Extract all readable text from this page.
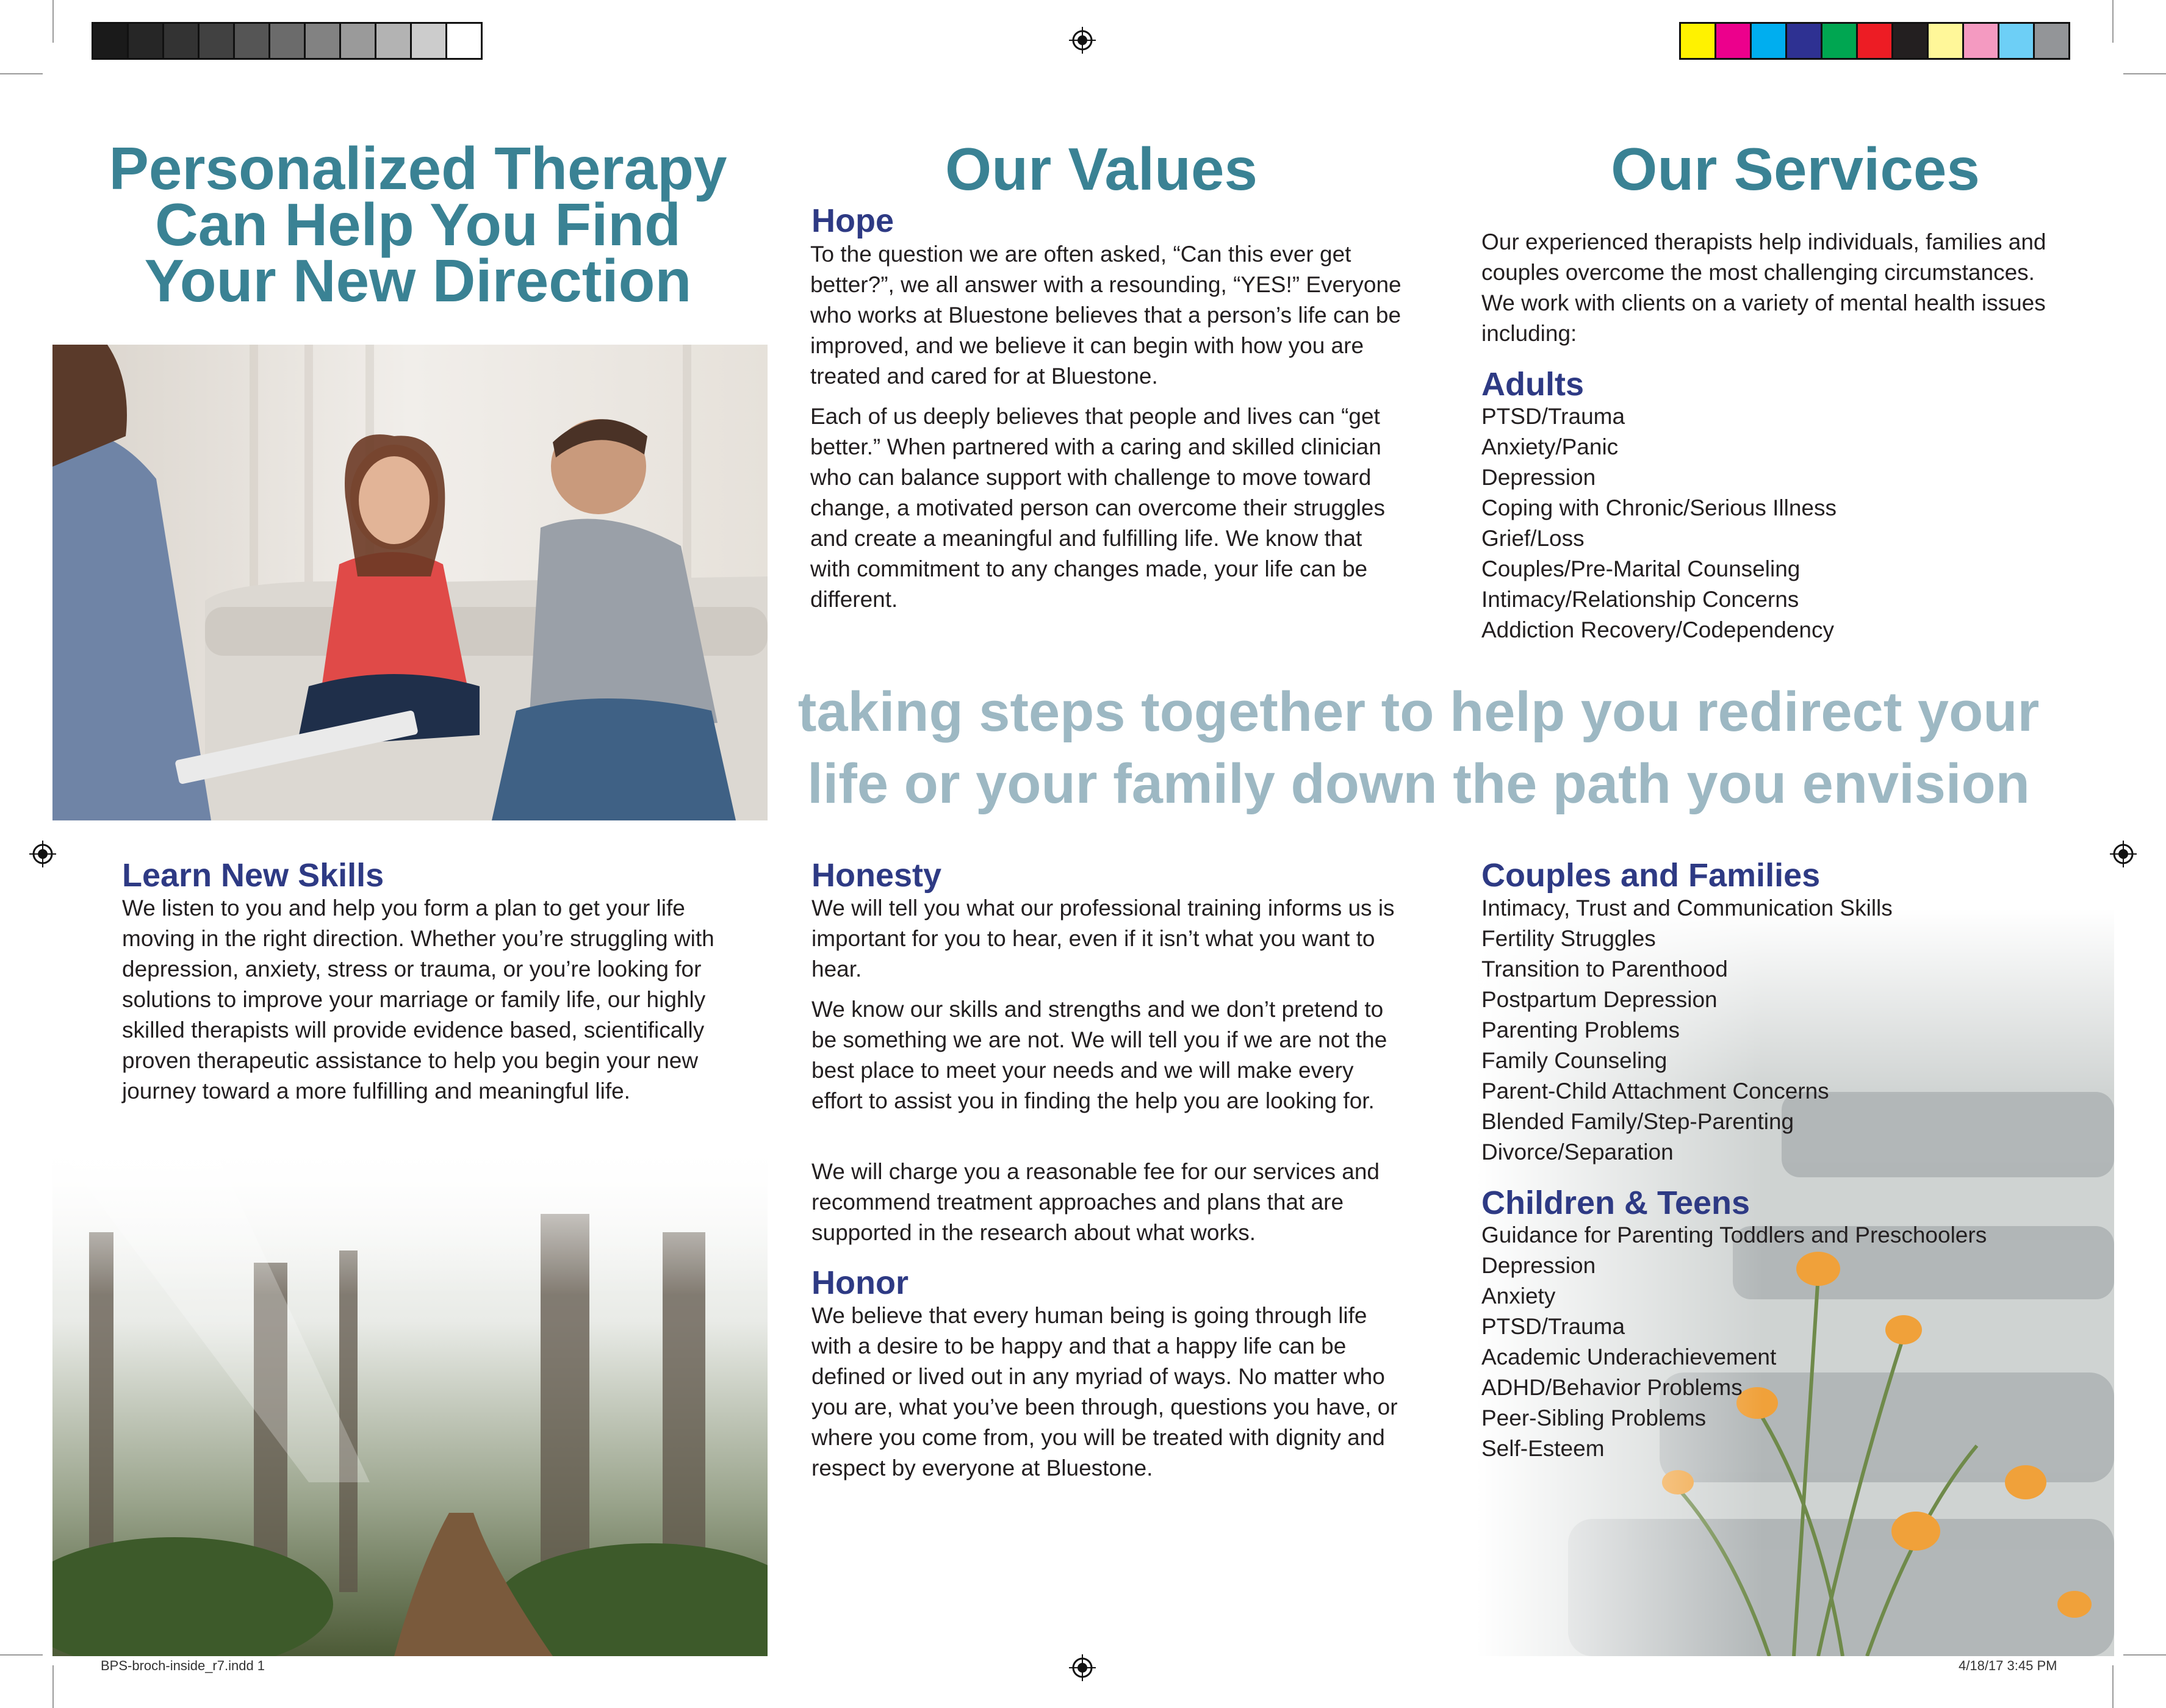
BPS-broch-inside_r7.indd 1	4/18/17 3:45 PM
Personalized Therapy
Can Help You Find
Your New Direction
Learn New Skills

We listen to you and help you form a plan to get your life moving in the right direction. Whether you’re struggling with depression, anxiety, stress or trauma, or you’re looking for solutions to improve your marriage or family life, our highly skilled therapists will provide evidence based, scientifically proven therapeutic assistance to help you begin your new journey toward a more fulfilling and meaningful life.

Our Values
Hope

To the question we are often asked, “Can this ever get better?”, we all answer with a resounding, “YES!” Everyone who works at Bluestone believes that a person’s life can be improved, and we believe it can begin with how you are treated and cared for at Bluestone.

Each of us deeply believes that people and lives can “get better.” When partnered with a caring and skilled clinician who can balance support with challenge to move toward change, a motivated person can overcome their struggles and create a meaningful and fulfilling life. We know that with commitment to any changes made, your life can be different.

taking steps together to help you redirect your
life or your family down the path you envision
Honesty

We will tell you what our professional training informs us is important for you to hear, even if it isn’t what you want to hear.

We know our skills and strengths and we don’t pretend to be something we are not. We will tell you if we are not the best place to meet your needs and we will make every effort to assist you in finding the help you are looking for.

We will charge you a reasonable fee for our services and recommend treatment approaches and plans that are supported in the research about what works.

Honor

We believe that every human being is going through life with a desire to be happy and that a happy life can be defined or lived out in any myriad of ways. No matter who you are, what you’ve been through, questions you have, or where you come from, you will be treated with dignity and respect by everyone at Bluestone.

Our Services

Our experienced therapists help individuals, families and couples overcome the most challenging circumstances. We work with clients on a variety of mental health issues including:

Adults
PTSD/Trauma
Anxiety/Panic
Depression
Coping with Chronic/Serious Illness
Grief/Loss
Couples/Pre-Marital Counseling
Intimacy/Relationship Concerns
Addiction Recovery/Codependency
Couples and Families
Intimacy, Trust and Communication Skills
Fertility Struggles
Transition to Parenthood
Postpartum Depression
Parenting Problems
Family Counseling
Parent-Child Attachment Concerns
Blended Family/Step-Parenting
Divorce/Separation
Children & Teens
Guidance for Parenting Toddlers and Preschoolers
Depression
Anxiety
PTSD/Trauma
Academic Underachievement
ADHD/Behavior Problems
Peer-Sibling Problems
Self-Esteem
